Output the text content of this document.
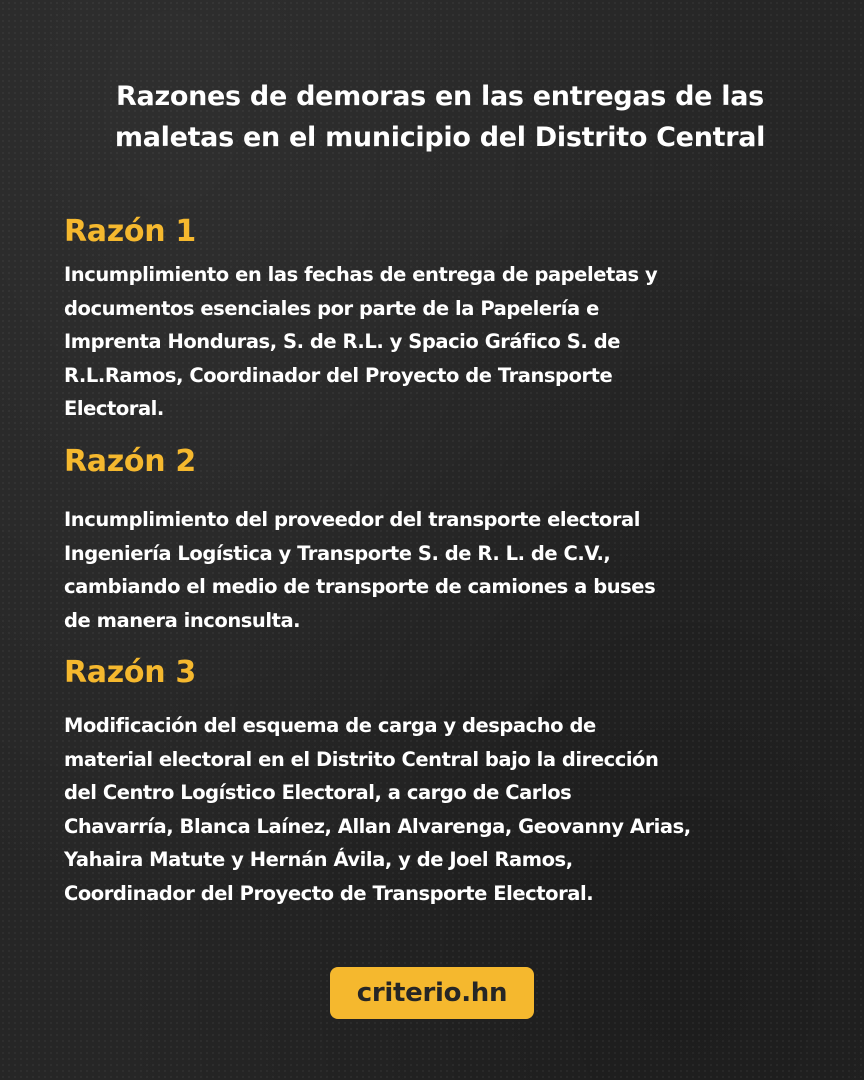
Razones de demoras en las entregas de las
maletas en el municipio del Distrito Central
Razón 1
Incumplimiento en las fechas de entrega de papeletas y
documentos esenciales por parte de la Papelería e
Imprenta Honduras, S. de R.L. y Spacio Gráfico S. de
R.L.Ramos, Coordinador del Proyecto de Transporte
Electoral.
Razón 2
Incumplimiento del proveedor del transporte electoral
Ingeniería Logística y Transporte S. de R. L. de C.V.,
cambiando el medio de transporte de camiones a buses
de manera inconsulta.
Razón 3
Modificación del esquema de carga y despacho de
material electoral en el Distrito Central bajo la dirección
del Centro Logístico Electoral, a cargo de Carlos
Chavarría, Blanca Laínez, Allan Alvarenga, Geovanny Arias,
Yahaira Matute y Hernán Ávila, y de Joel Ramos,
Coordinador del Proyecto de Transporte Electoral.
criterio.hn
